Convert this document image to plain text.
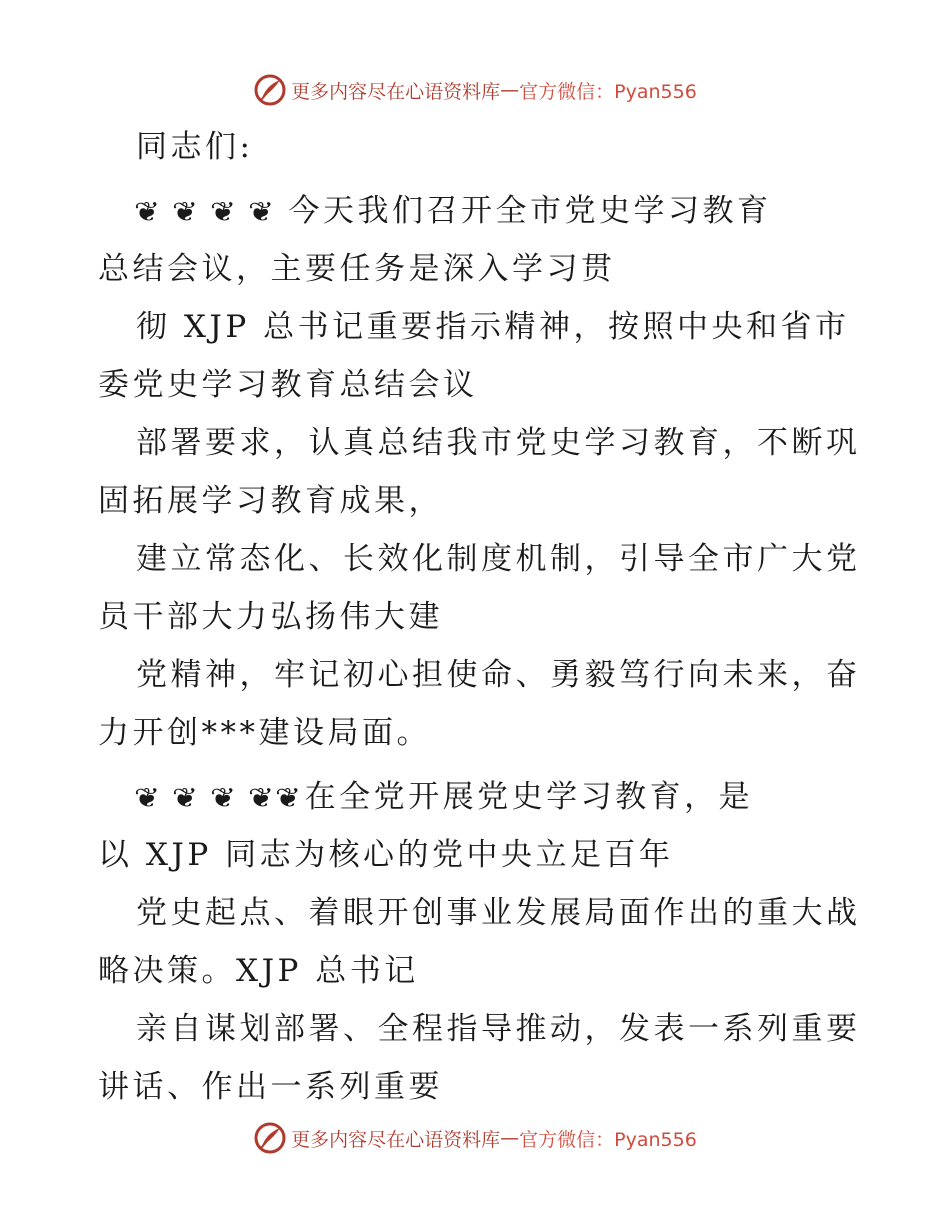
更多内容尽在心语资料库 — 官方微信：Pyan556
同志们:
❦ ❦ ❦ ❦ 今天我们召开全市党史学习教育
总结会议，主要任务是深入学习贯
彻 XJP 总书记重要指示精神，按照中央和省市
委党史学习教育总结会议
部署要求，认真总结我市党史学习教育，不断巩
固拓展学习教育成果，
建立常态化、长效化制度机制，引导全市广大党
员干部大力弘扬伟大建
党精神，牢记初心担使命、勇毅笃行向未来，奋
力开创***建设局面。
❦ ❦ ❦ ❦❦在全党开展党史学习教育，是
以 XJP 同志为核心的党中央立足百年
党史起点、着眼开创事业发展局面作出的重大战
略决策。XJP 总书记
亲自谋划部署、全程指导推动，发表一系列重要
讲话、作出一系列重要
更多内容尽在心语资料库 — 官方微信：Pyan556
